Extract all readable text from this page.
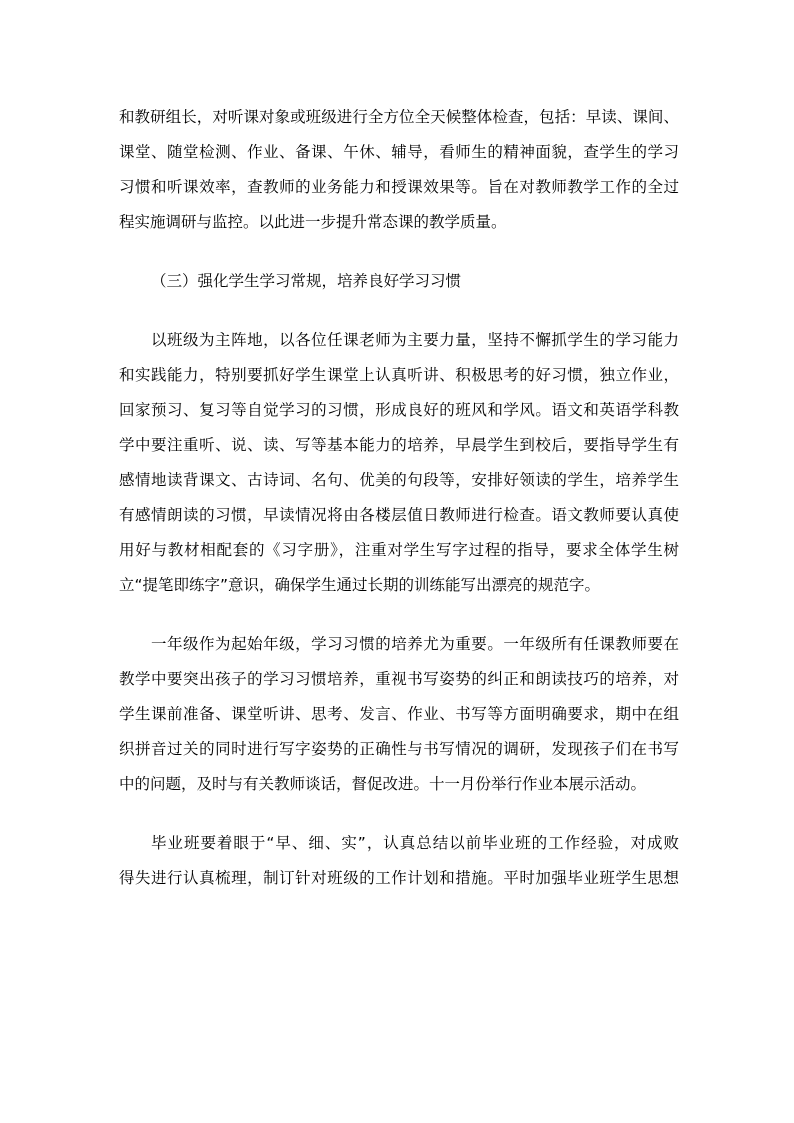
和教研组长，对听课对象或班级进行全方位全天候整体检查，包括：早读、课间、
课堂、随堂检测、作业、备课、午休、辅导，看师生的精神面貌，查学生的学习
习惯和听课效率，查教师的业务能力和授课效果等。旨在对教师教学工作的全过
程实施调研与监控。以此进一步提升常态课的教学质量。
（三）强化学生学习常规，培养良好学习习惯
以班级为主阵地，以各位任课老师为主要力量，坚持不懈抓学生的学习能力
和实践能力，特别要抓好学生课堂上认真听讲、积极思考的好习惯，独立作业，
回家预习、复习等自觉学习的习惯，形成良好的班风和学风。语文和英语学科教
学中要注重听、说、读、写等基本能力的培养，早晨学生到校后，要指导学生有
感情地读背课文、古诗词、名句、优美的句段等，安排好领读的学生，培养学生
有感情朗读的习惯，早读情况将由各楼层值日教师进行检查。语文教师要认真使
用好与教材相配套的《习字册》，注重对学生写字过程的指导，要求全体学生树
立“提笔即练字”意识，确保学生通过长期的训练能写出漂亮的规范字。
一年级作为起始年级，学习习惯的培养尤为重要。一年级所有任课教师要在
教学中要突出孩子的学习习惯培养，重视书写姿势的纠正和朗读技巧的培养，对
学生课前准备、课堂听讲、思考、发言、作业、书写等方面明确要求，期中在组
织拼音过关的同时进行写字姿势的正确性与书写情况的调研，发现孩子们在书写
中的问题，及时与有关教师谈话，督促改进。十一月份举行作业本展示活动。
毕业班要着眼于“早、细、实”，认真总结以前毕业班的工作经验，对成败
得失进行认真梳理，制订针对班级的工作计划和措施。平时加强毕业班学生思想
